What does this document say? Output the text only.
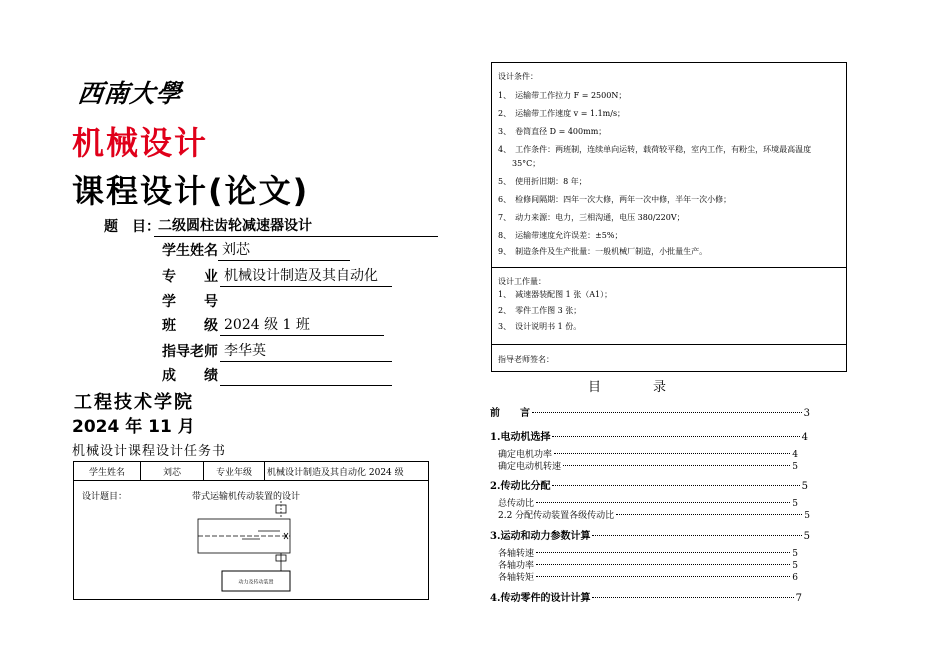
西南大學
机械设计
课程设计(论文)
题　目：
二级圆柱齿轮减速器设计
学生姓名 刘芯
专　　业 机械设计制造及其自动化
学　　号
班　　级 2024 级 1 班
指导老师 李华英
成　　绩
工程技术学院
2024 年 11 月
机械设计课程设计任务书
学生姓名	刘芯	专业年级	机械设计制造及其自动化 2024 级
设计题目：	带式运输机传动装置的设计
动力及传动装置
设计条件：
1、　运输带工作拉力 F = 2500N；
2、　运输带工作速度 v = 1.1m/s；
3、　卷筒直径 D = 400mm；
4、　工作条件：两班制，连续单向运转，载荷较平稳，室内工作，有粉尘，环境最高温度
35°C；
5、　使用折旧期：8 年；
6、　检修间隔期：四年一次大修，两年一次中修，半年一次小修；
7、　动力来源：电力，三相沟通，电压 380/220V；
8、　运输带速度允许误差：±5%；
9、　制造条件及生产批量：一般机械厂制造，小批量生产。
设计工作量：
1、　减速器装配图 1 张（A1）；
2、　零件工作图 3 张；
3、　设计说明书 1 份。
指导老师签名：
目　　　　录
前　　言	3
1.电动机选择	4
确定电机功率	4
确定电动机转速	5
2.传动比分配	5
总传动比	5
2.2 分配传动装置各级传动比	5
3.运动和动力参数计算	5
各轴转速	5
各轴功率	5
各轴转矩	6
4.传动零件的设计计算	7
